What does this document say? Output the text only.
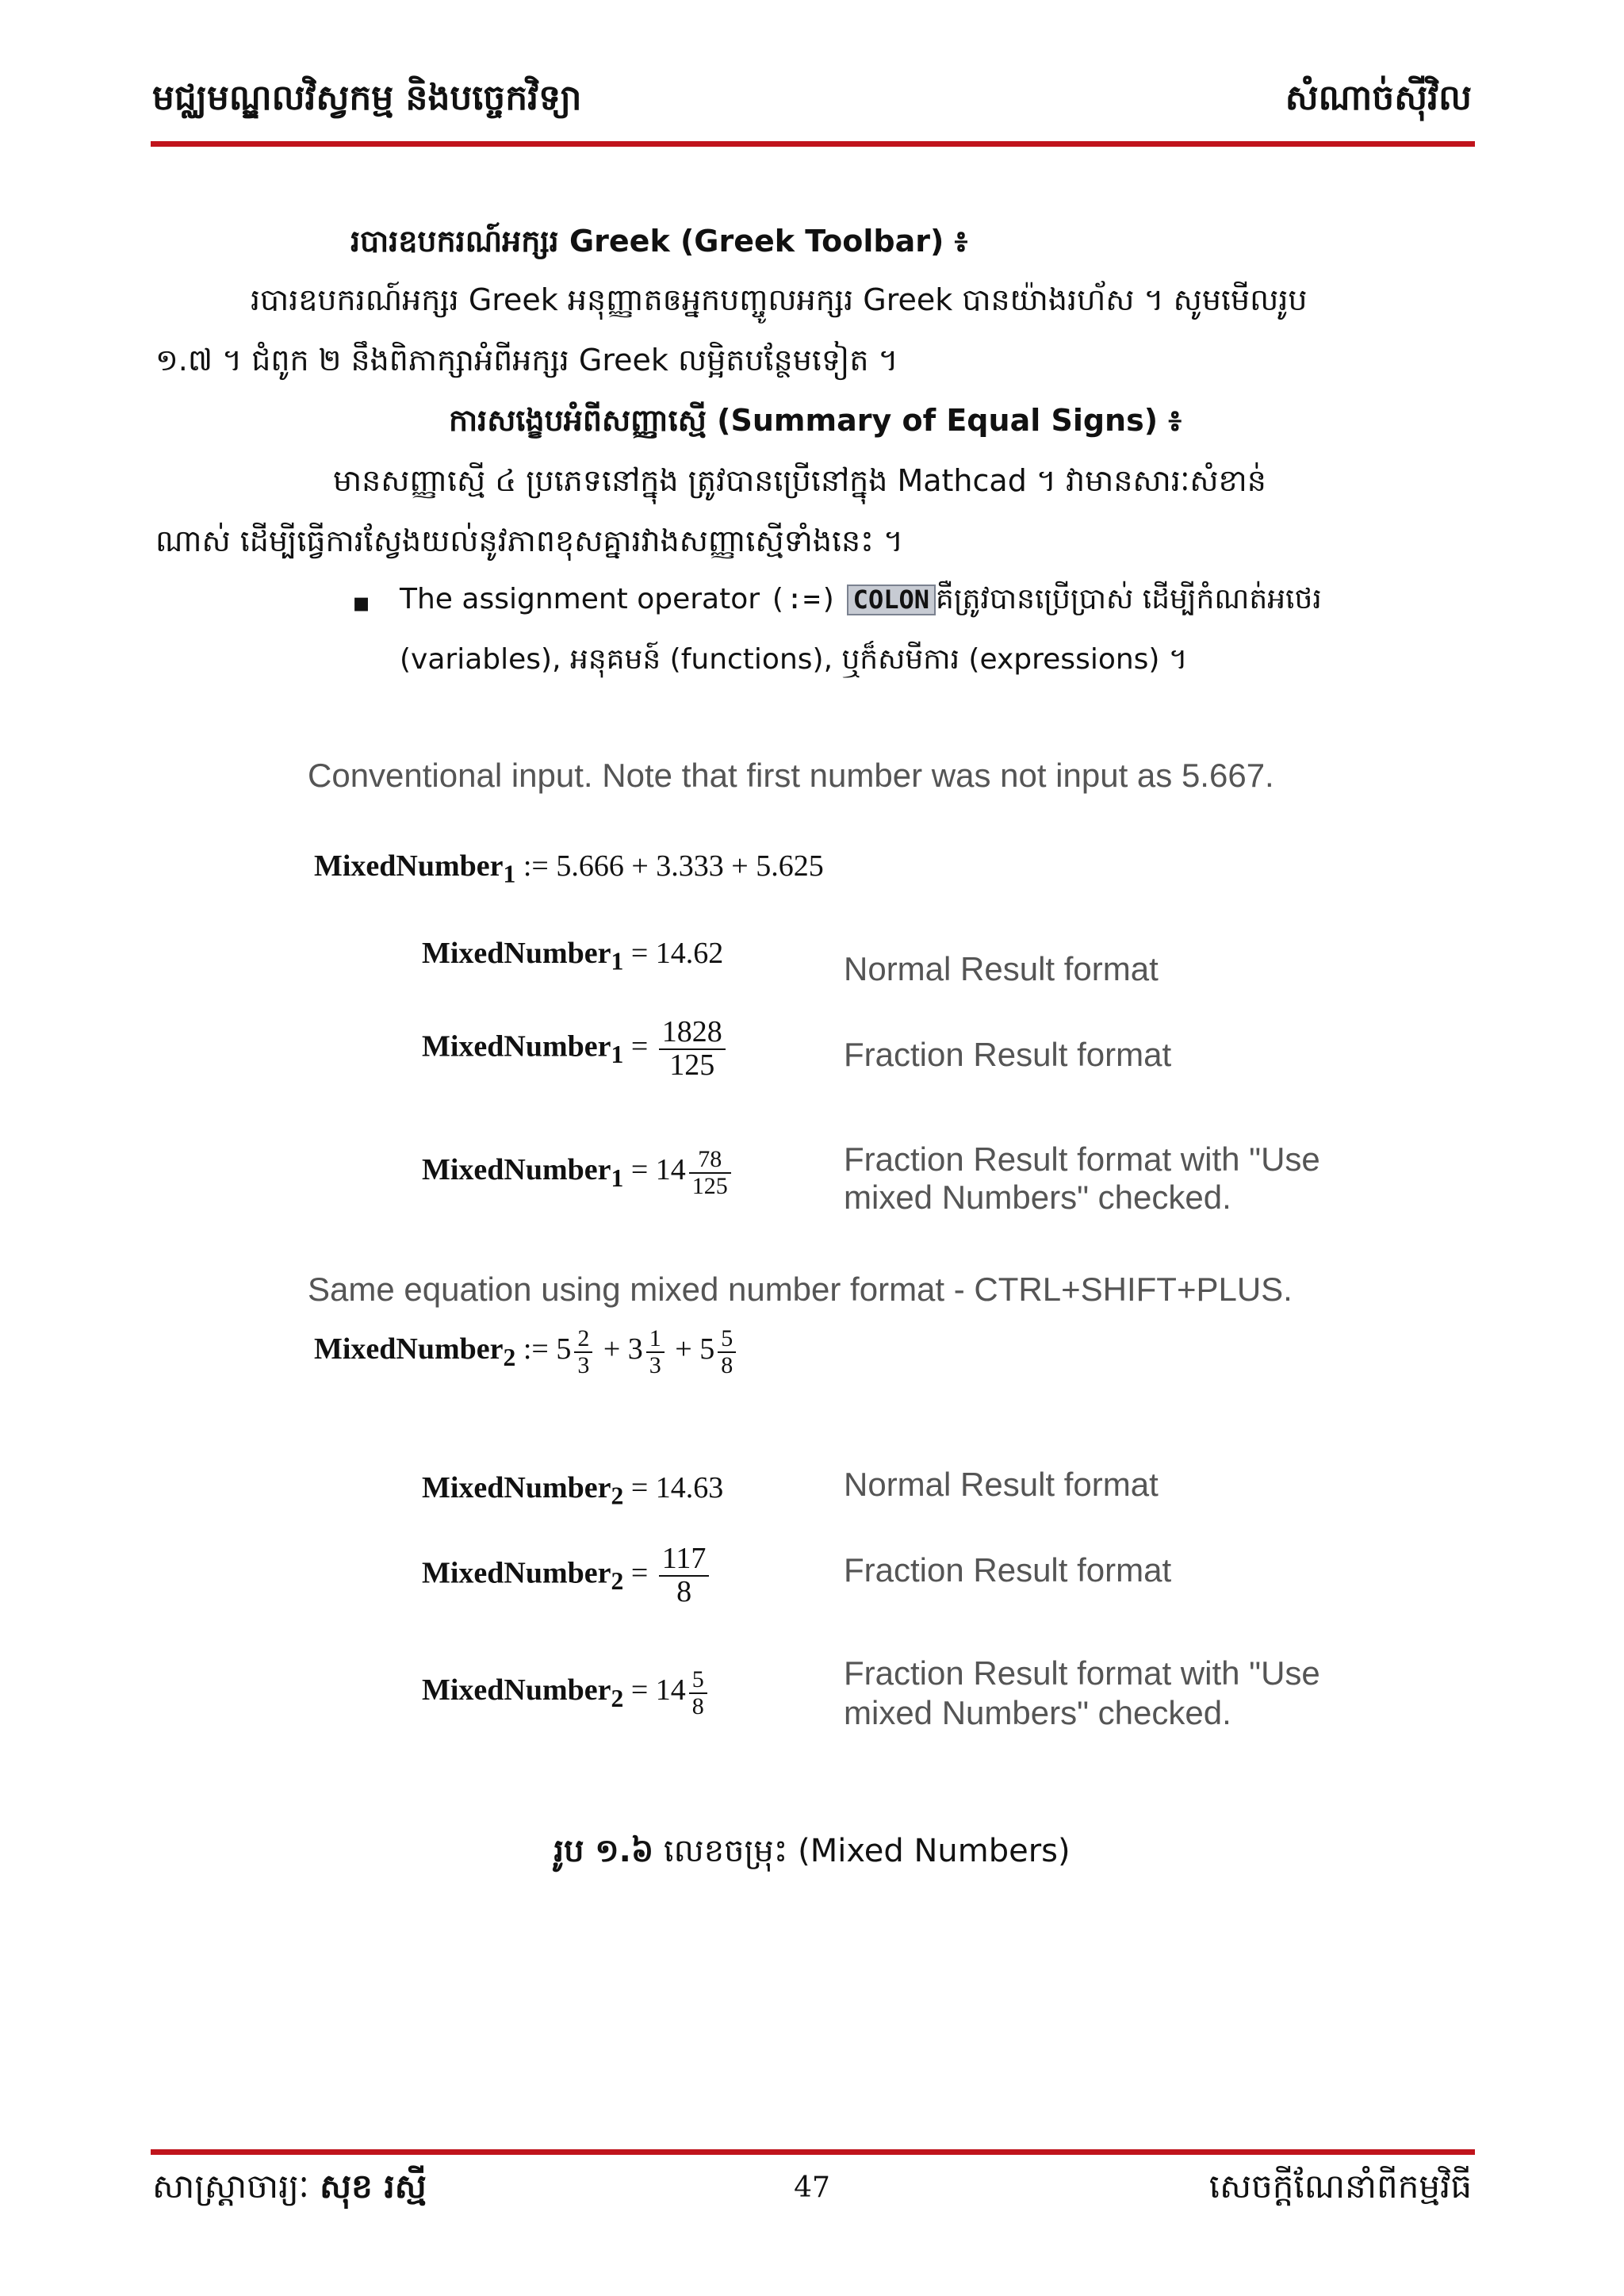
មជ្ឈមណ្ឌលវិស្វកម្ម និងបច្ចេកវិទ្យា	សំណាច់ស៊ីវិល
របារឧបករណ៍អក្សរ Greek (Greek Toolbar) ៖
របារឧបករណ៍អក្សរ Greek អនុញ្ញាតឲអ្នកបញ្ចូលអក្សរ Greek បានយ៉ាងរហ័ស ។ សូមមើលរូប
១.៧ ។ ជំពូក ២ នឹងពិភាក្សាអំពីអក្សរ Greek លម្អិតបន្ថែមទៀត ។
ការសង្ខេបអំពីសញ្ញាស្មើ (Summary of Equal Signs) ៖
មានសញ្ញាស្មើ ៤ ប្រភេទនៅក្នុង ត្រូវបានប្រើនៅក្នុង Mathcad ។ វាមានសារៈសំខាន់
ណាស់ ដើម្បីធ្វើការស្វែងយល់នូវភាពខុសគ្នារវាងសញ្ញាស្មើទាំងនេះ ។
▪ The assignment operator (:=) COLON គឺត្រូវបានប្រើប្រាស់ ដើម្បីកំណត់អថេរ
(variables), អនុគមន៍ (functions), ឬក៏សមីការ (expressions) ។
Conventional input. Note that first number was not input as 5.667.
MixedNumber$_1$ := 5.666 + 3.333 + 5.625
MixedNumber$_1$ = 14.62	Normal Result format
MixedNumber$_1$ = $\frac{1828}{125}$	Fraction Result format
MixedNumber$_1$ = $14 \frac{78}{125}$	Fraction Result format with "Use
mixed Numbers" checked.
Same equation using mixed number format - CTRL+SHIFT+PLUS.
MixedNumber$_2$ := $5 \frac{2}{3} + 3 \frac{1}{3} + 5 \frac{5}{8}$
MixedNumber$_2$ = 14.63	Normal Result format
MixedNumber$_2$ = $\frac{117}{8}$	Fraction Result format
MixedNumber$_2$ = $14 \frac{5}{8}$	Fraction Result format with "Use
mixed Numbers" checked.
រូប ១.៦ លេខចម្រុះ (Mixed Numbers)
សាស្ត្រាចារ្យៈ សុខ រស្មី	47	សេចក្ដីណែនាំពីកម្មវិធី
